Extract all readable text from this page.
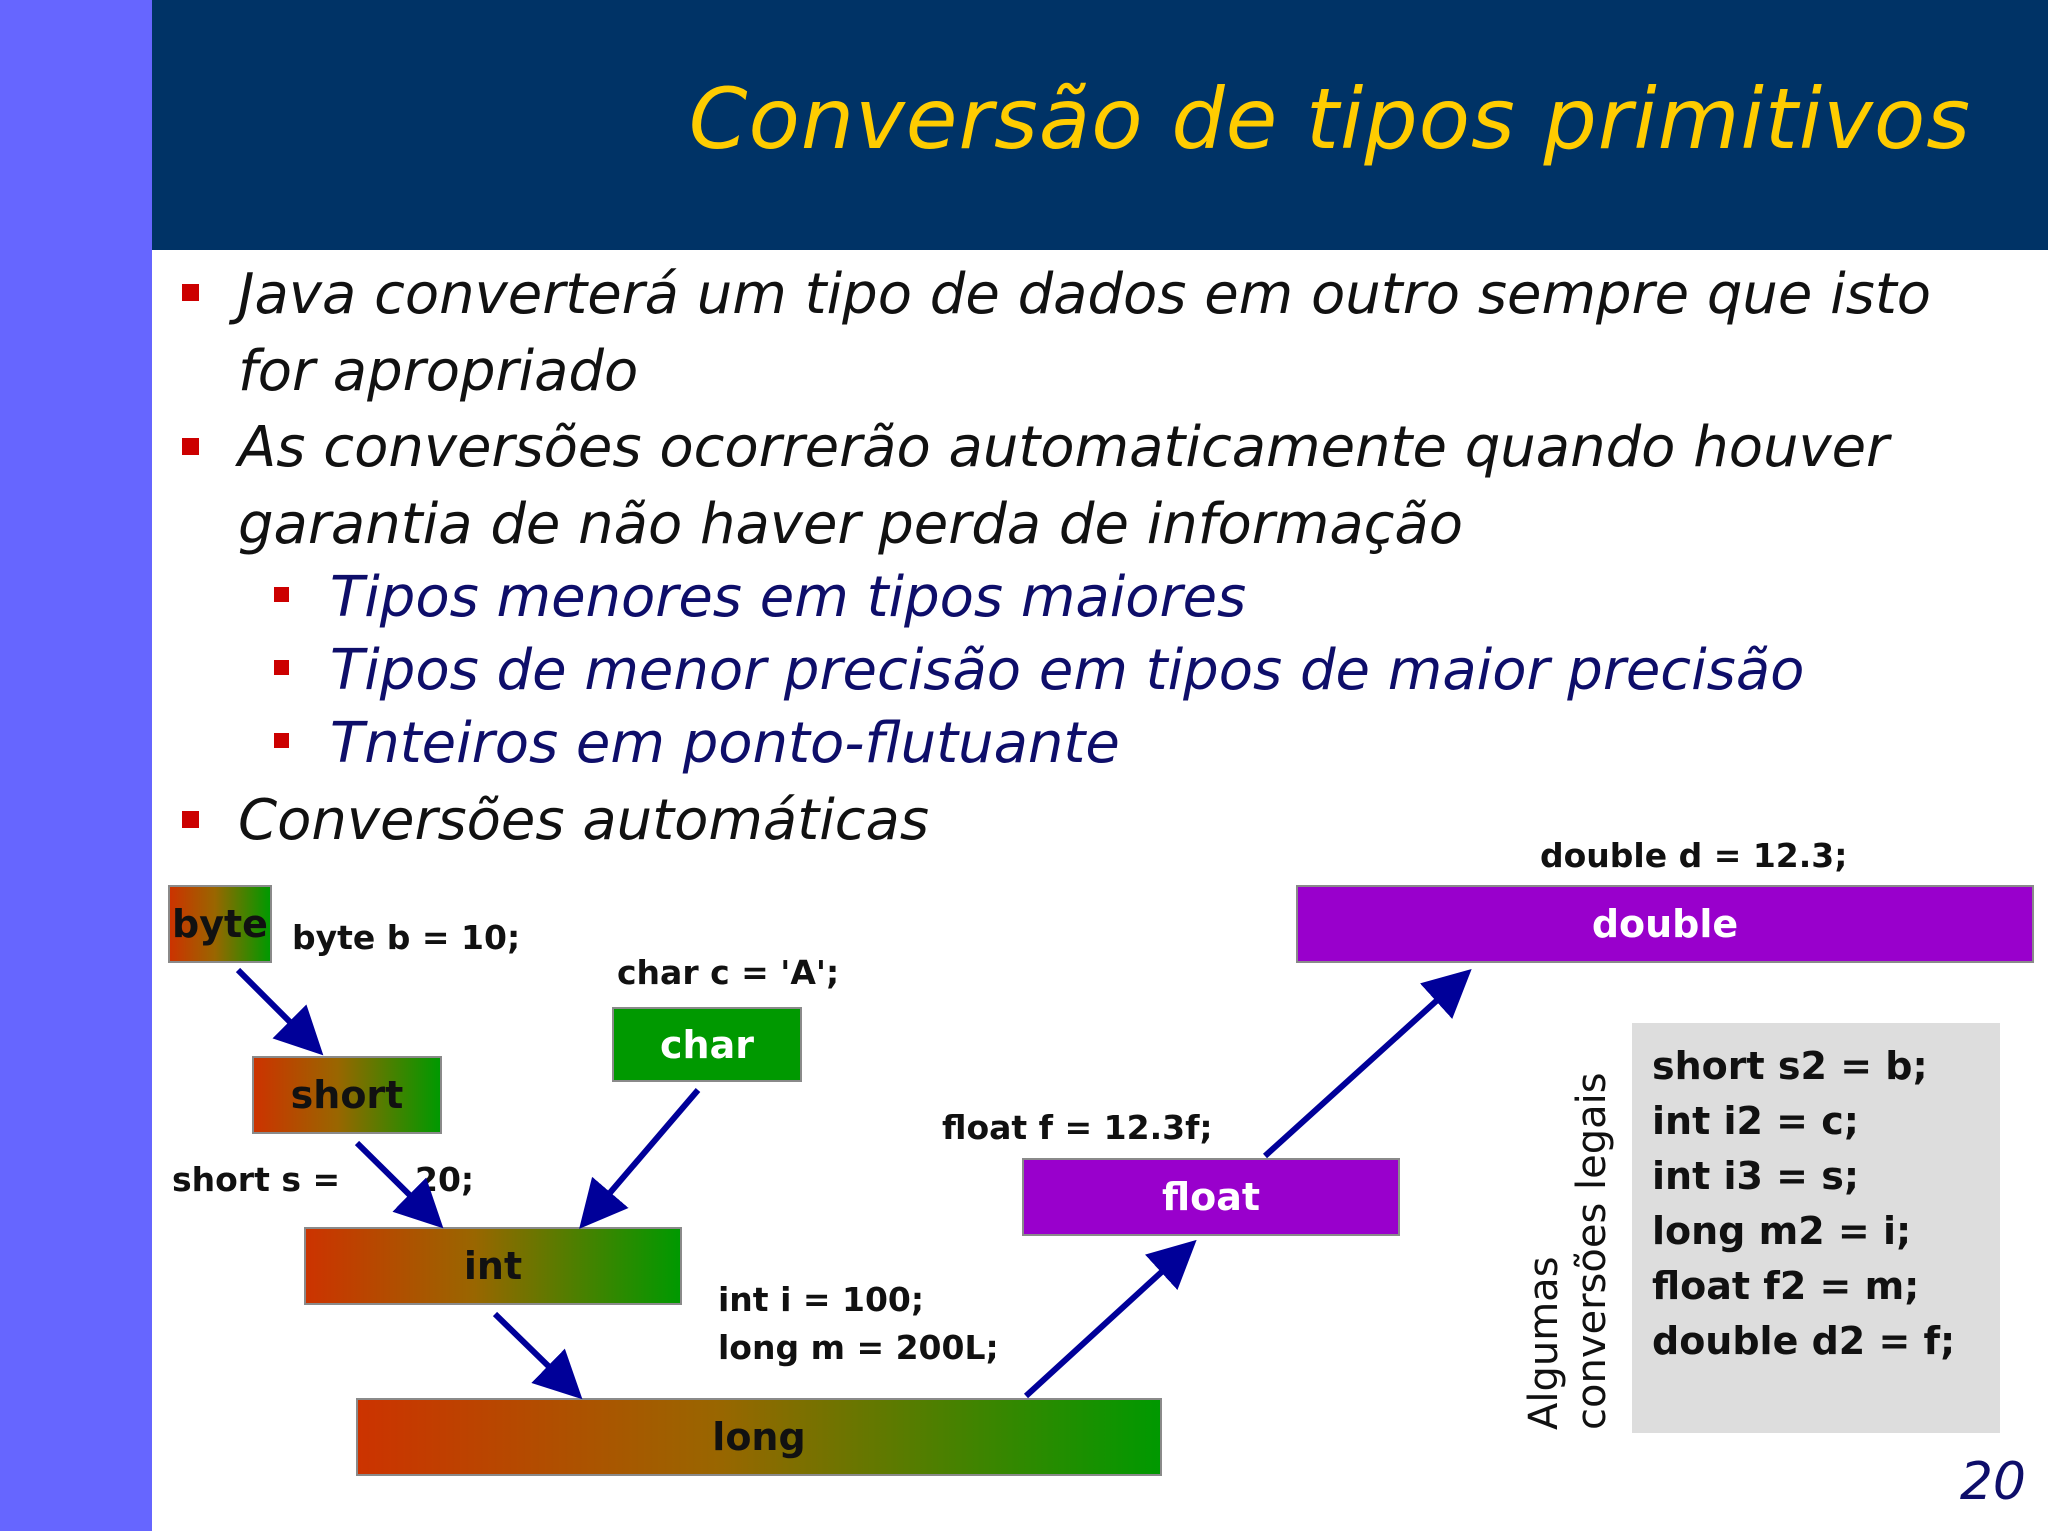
Conversão de tipos primitivos
Java converterá um tipo de dados em outro sempre que isto
for apropriado
As conversões ocorrerão automaticamente quando houver
garantia de não haver perda de informação
Tipos menores em tipos maiores
Tipos de menor precisão em tipos de maior precisão
Tnteiros em ponto-flutuante
Conversões automáticas
byte
short
char
int
long
float
double
byte b = 10;
char c = 'A';
short s = 20;
int i = 100;
long m = 200L;
float f = 12.3f;
double d = 12.3;
Algumas conversões legais
short s2 = b;
int i2 = c;
int i3 = s;
long m2 = i;
float f2 = m;
double d2 = f;
20
